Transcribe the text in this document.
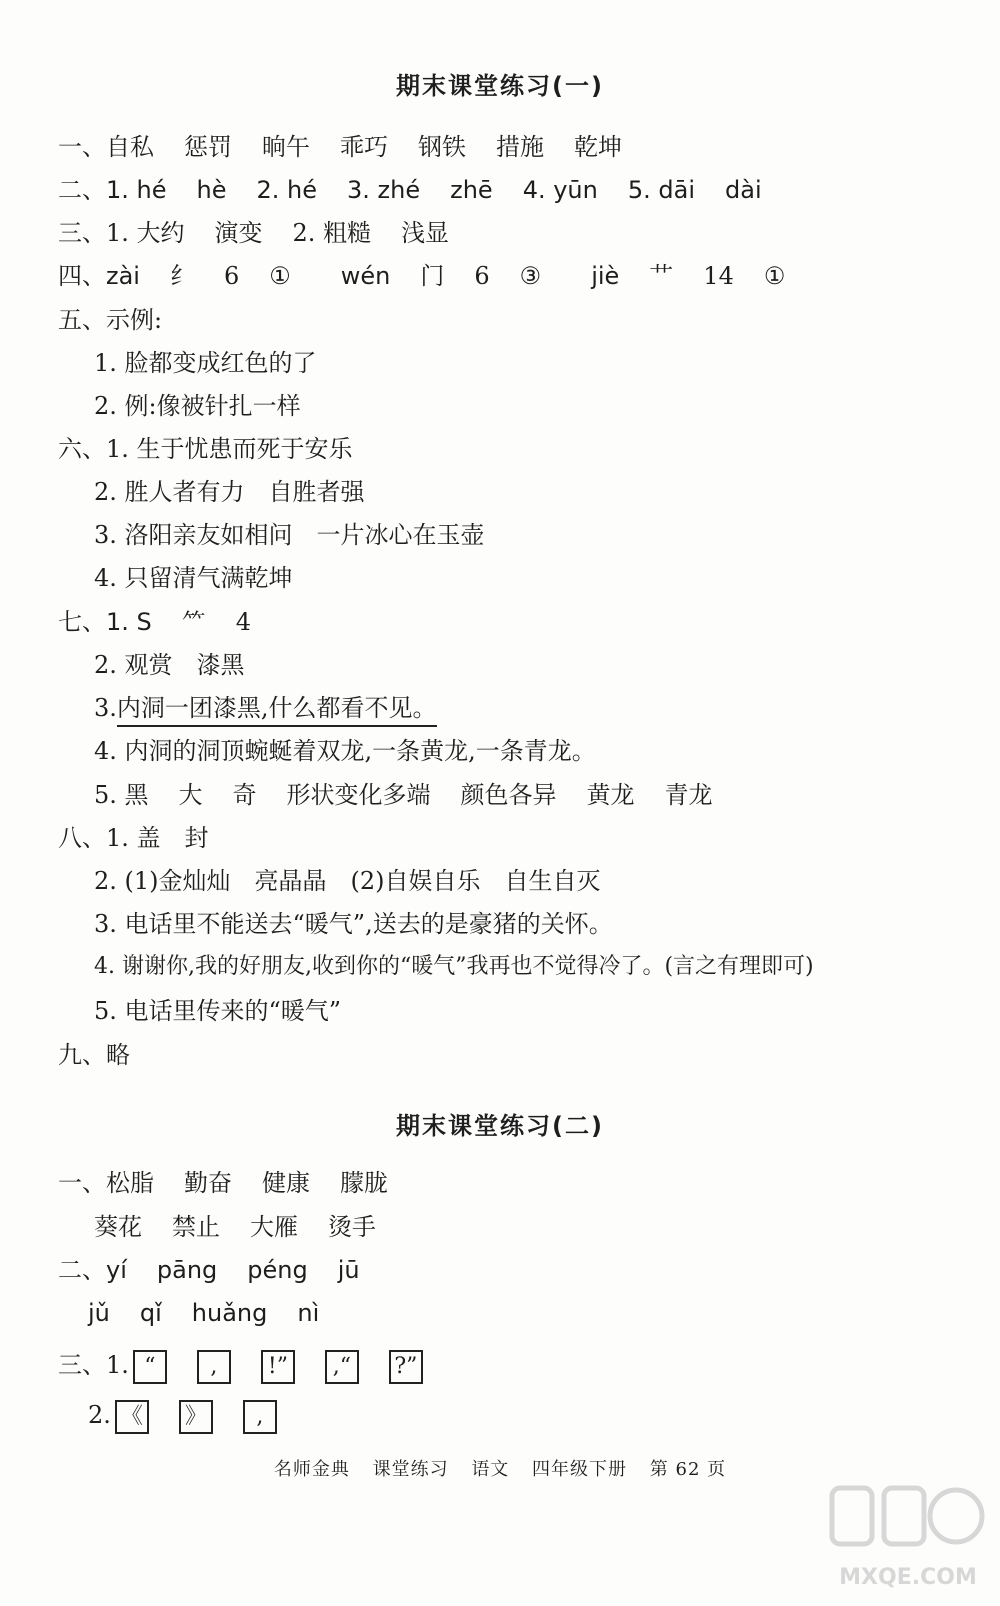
期末课堂练习(一)
一、自私 惩罚 晌午 乖巧 钢铁 措施 乾坤
二、1. hé hè 2. hé 3. zhé zhē 4. yūn 5. dāi dài
三、1. 大约 演变 2. 粗糙 浅显
四、zài 纟 6 ① wén 门 6 ③ jiè 艹 14 ①
五、示例:
1. 脸都变成红色的了
2. 例:像被针扎一样
六、1. 生于忧患而死于安乐
2. 胜人者有力　自胜者强
3. 洛阳亲友如相问　一片冰心在玉壶
4. 只留清气满乾坤
七、1. S ⺮ 4
2. 观赏　漆黑
3.内洞一团漆黑,什么都看不见。
4. 内洞的洞顶蜿蜒着双龙,一条黄龙,一条青龙。
5. 黑 大 奇 形状变化多端 颜色各异 黄龙 青龙
八、1. 盖　封
2. (1)金灿灿　亮晶晶　(2)自娱自乐　自生自灭
3. 电话里不能送去“暖气”,送去的是豪猪的关怀。
4. 谢谢你,我的好朋友,收到你的“暖气”我再也不觉得冷了。(言之有理即可)
5. 电话里传来的“暖气”
九、略
期末课堂练习(二)
一、松脂 勤奋 健康 朦胧
葵花 禁止 大雁 烫手
二、yí pāng péng jū
jǔ qǐ huǎng nì
三、1. “ , !” ,“ ?”
2. 《 》 ,
名师金典 课堂练习 语文 四年级下册 第 62 页
MXQE.COM
